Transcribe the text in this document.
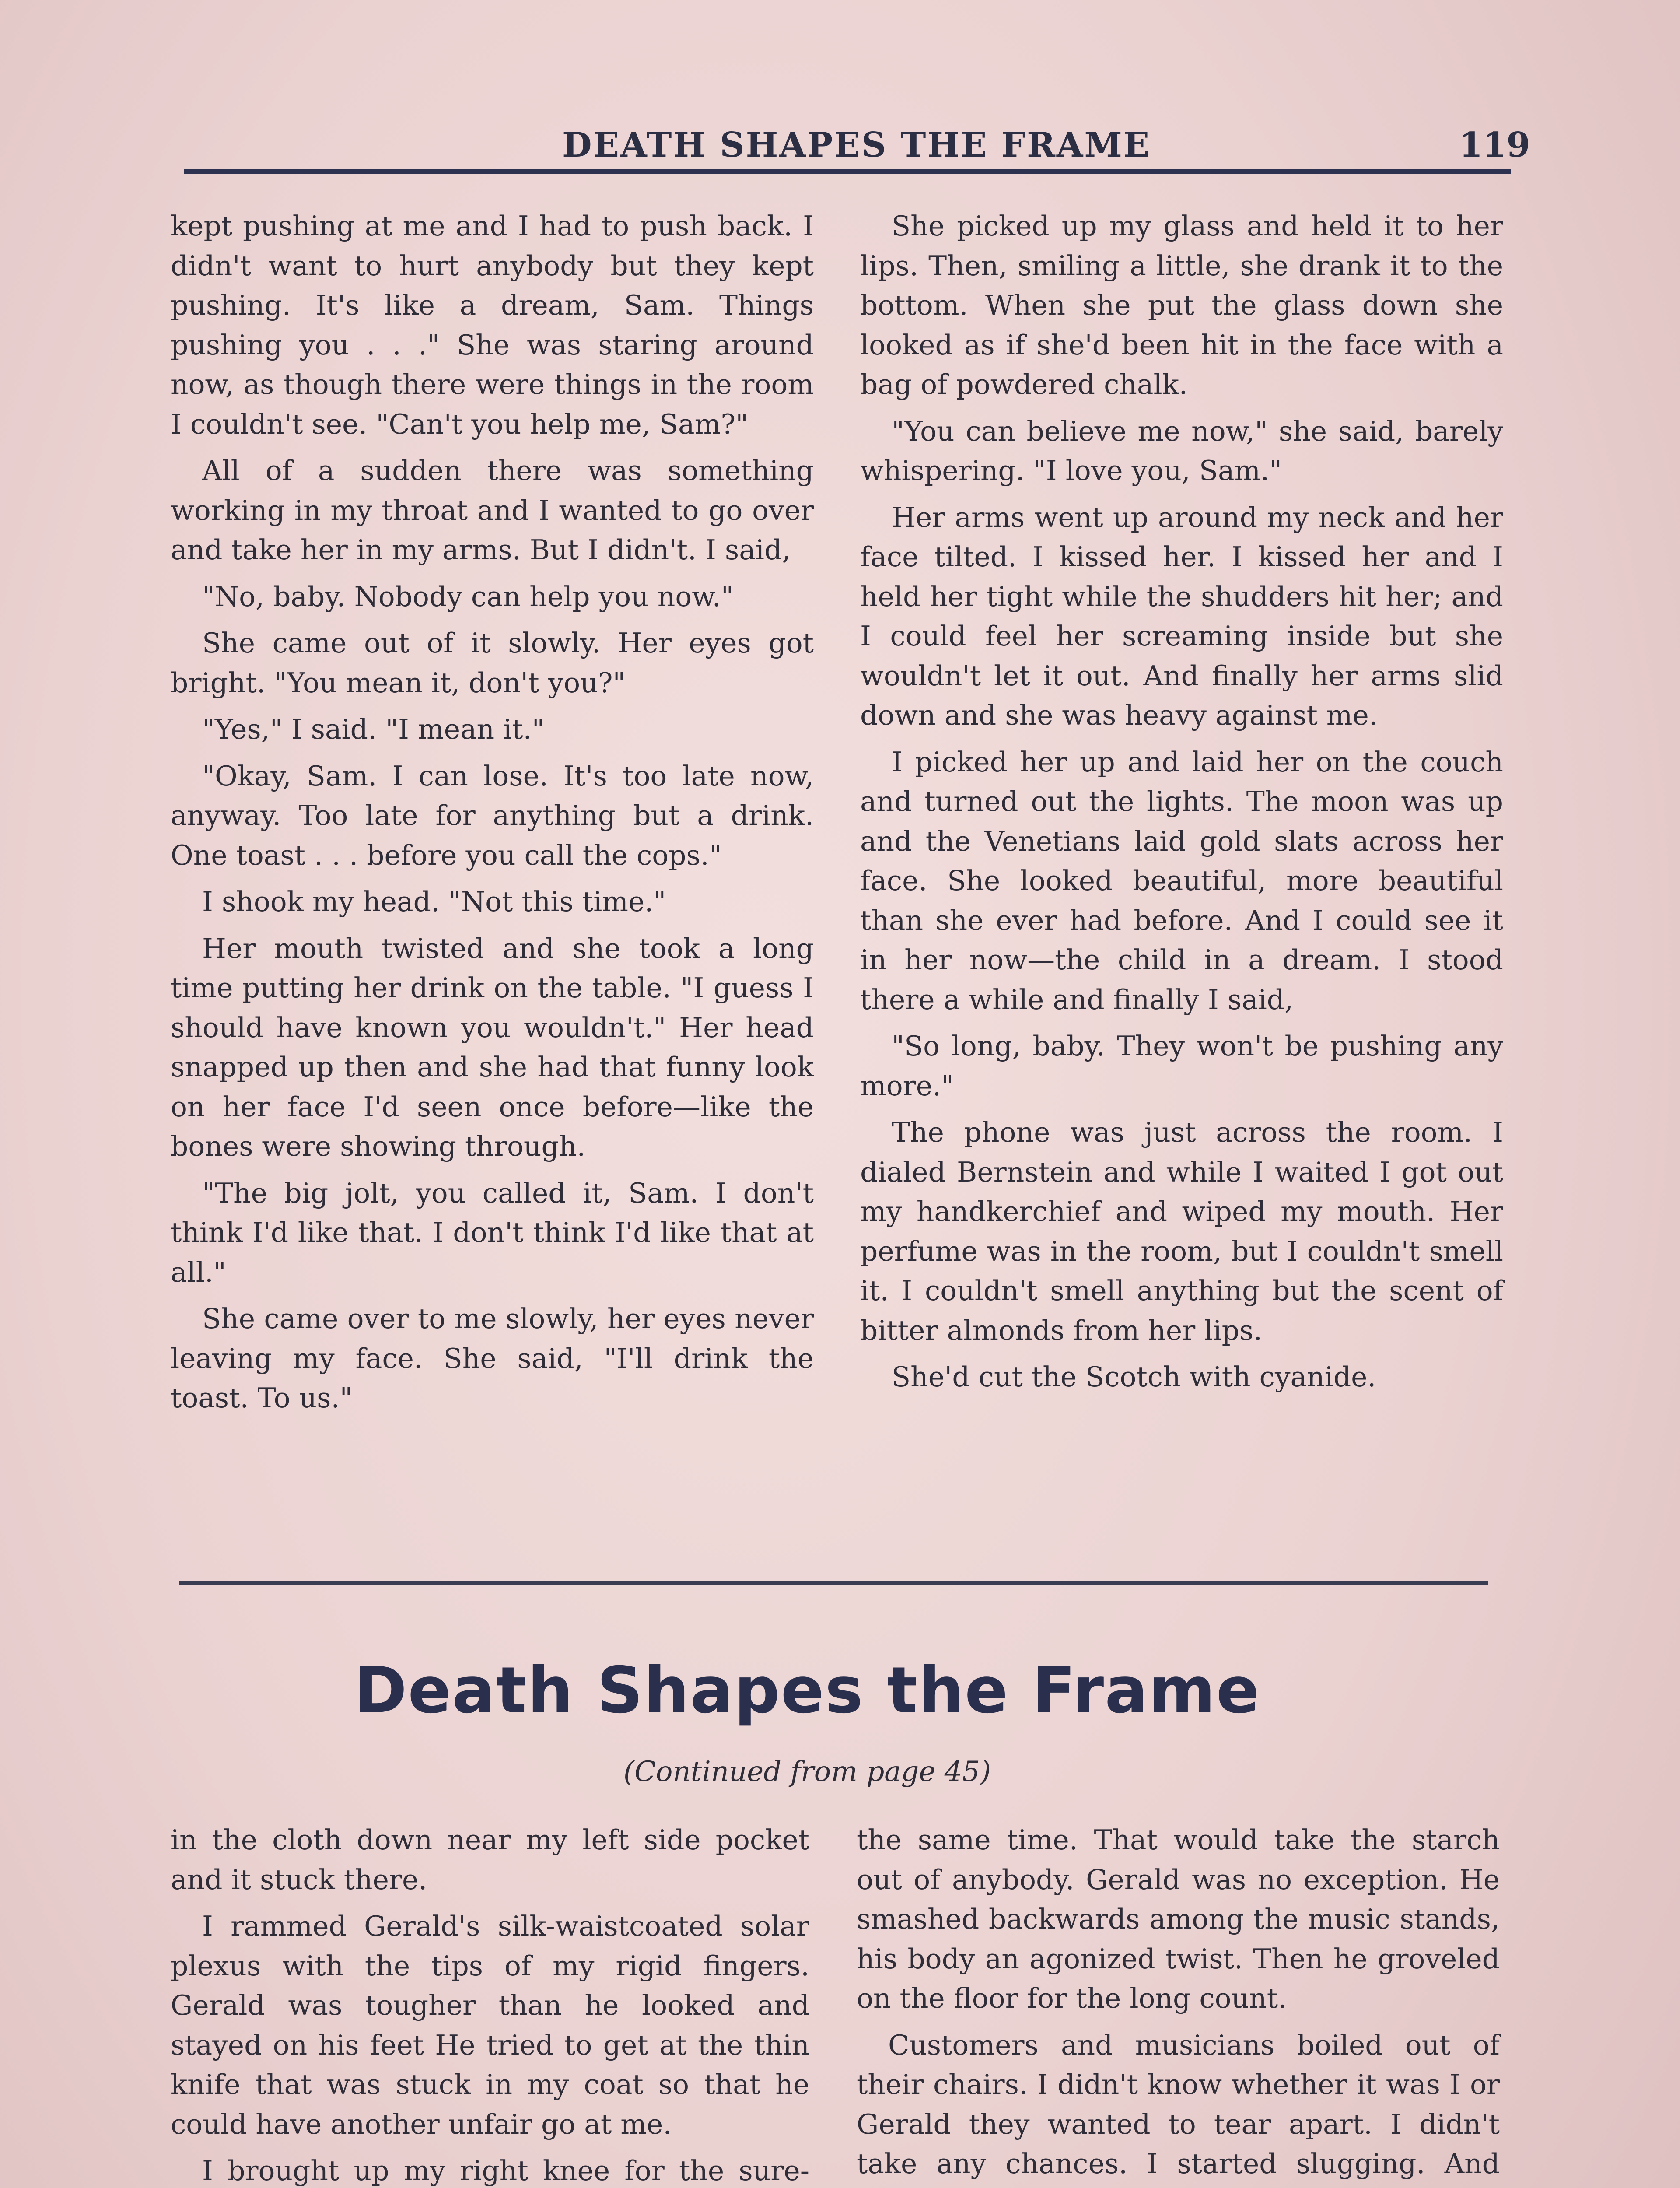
DEATH SHAPES THE FRAME	119

kept pushing at me and I had to push back. I didn't want to hurt anybody but they kept pushing. It's like a dream, Sam. Things pushing you . . ." She was staring around now, as though there were things in the room I couldn't see. "Can't you help me, Sam?"

All of a sudden there was something working in my throat and I wanted to go over and take her in my arms. But I didn't. I said,

"No, baby. Nobody can help you now."

She came out of it slowly. Her eyes got bright. "You mean it, don't you?"

"Yes," I said. "I mean it."

"Okay, Sam. I can lose. It's too late now, anyway. Too late for anything but a drink. One toast . . . before you call the cops."

I shook my head. "Not this time."

Her mouth twisted and she took a long time putting her drink on the table. "I guess I should have known you wouldn't." Her head snapped up then and she had that funny look on her face I'd seen once before—like the bones were showing through.

"The big jolt, you called it, Sam. I don't think I'd like that. I don't think I'd like that at all."

She came over to me slowly, her eyes never leaving my face. She said, "I'll drink the toast. To us."

She picked up my glass and held it to her lips. Then, smiling a little, she drank it to the bottom. When she put the glass down she looked as if she'd been hit in the face with a bag of powdered chalk.

"You can believe me now," she said, barely whispering. "I love you, Sam."

Her arms went up around my neck and her face tilted. I kissed her. I kissed her and I held her tight while the shudders hit her; and I could feel her screaming inside but she wouldn't let it out. And finally her arms slid down and she was heavy against me.

I picked her up and laid her on the couch and turned out the lights. The moon was up and the Venetians laid gold slats across her face. She looked beautiful, more beautiful than she ever had before. And I could see it in her now—the child in a dream. I stood there a while and finally I said,

"So long, baby. They won't be pushing any more."

The phone was just across the room. I dialed Bernstein and while I waited I got out my handkerchief and wiped my mouth. Her perfume was in the room, but I couldn't smell it. I couldn't smell anything but the scent of bitter almonds from her lips.

She'd cut the Scotch with cyanide.

Death Shapes the Frame
(Continued from page 45)

in the cloth down near my left side pocket and it stuck there.

I rammed Gerald's silk-waistcoated solar plexus with the tips of my rigid fingers. Gerald was tougher than he looked and stayed on his feet He tried to get at the thin knife that was stuck in my coat so that he could have another unfair go at me.

I brought up my right knee for the sure-

the same time. That would take the starch out of anybody. Gerald was no exception. He smashed backwards among the music stands, his body an agonized twist. Then he groveled on the floor for the long count.

Customers and musicians boiled out of their chairs. I didn't know whether it was I or Gerald they wanted to tear apart. I didn't take any chances. I started slugging. And
